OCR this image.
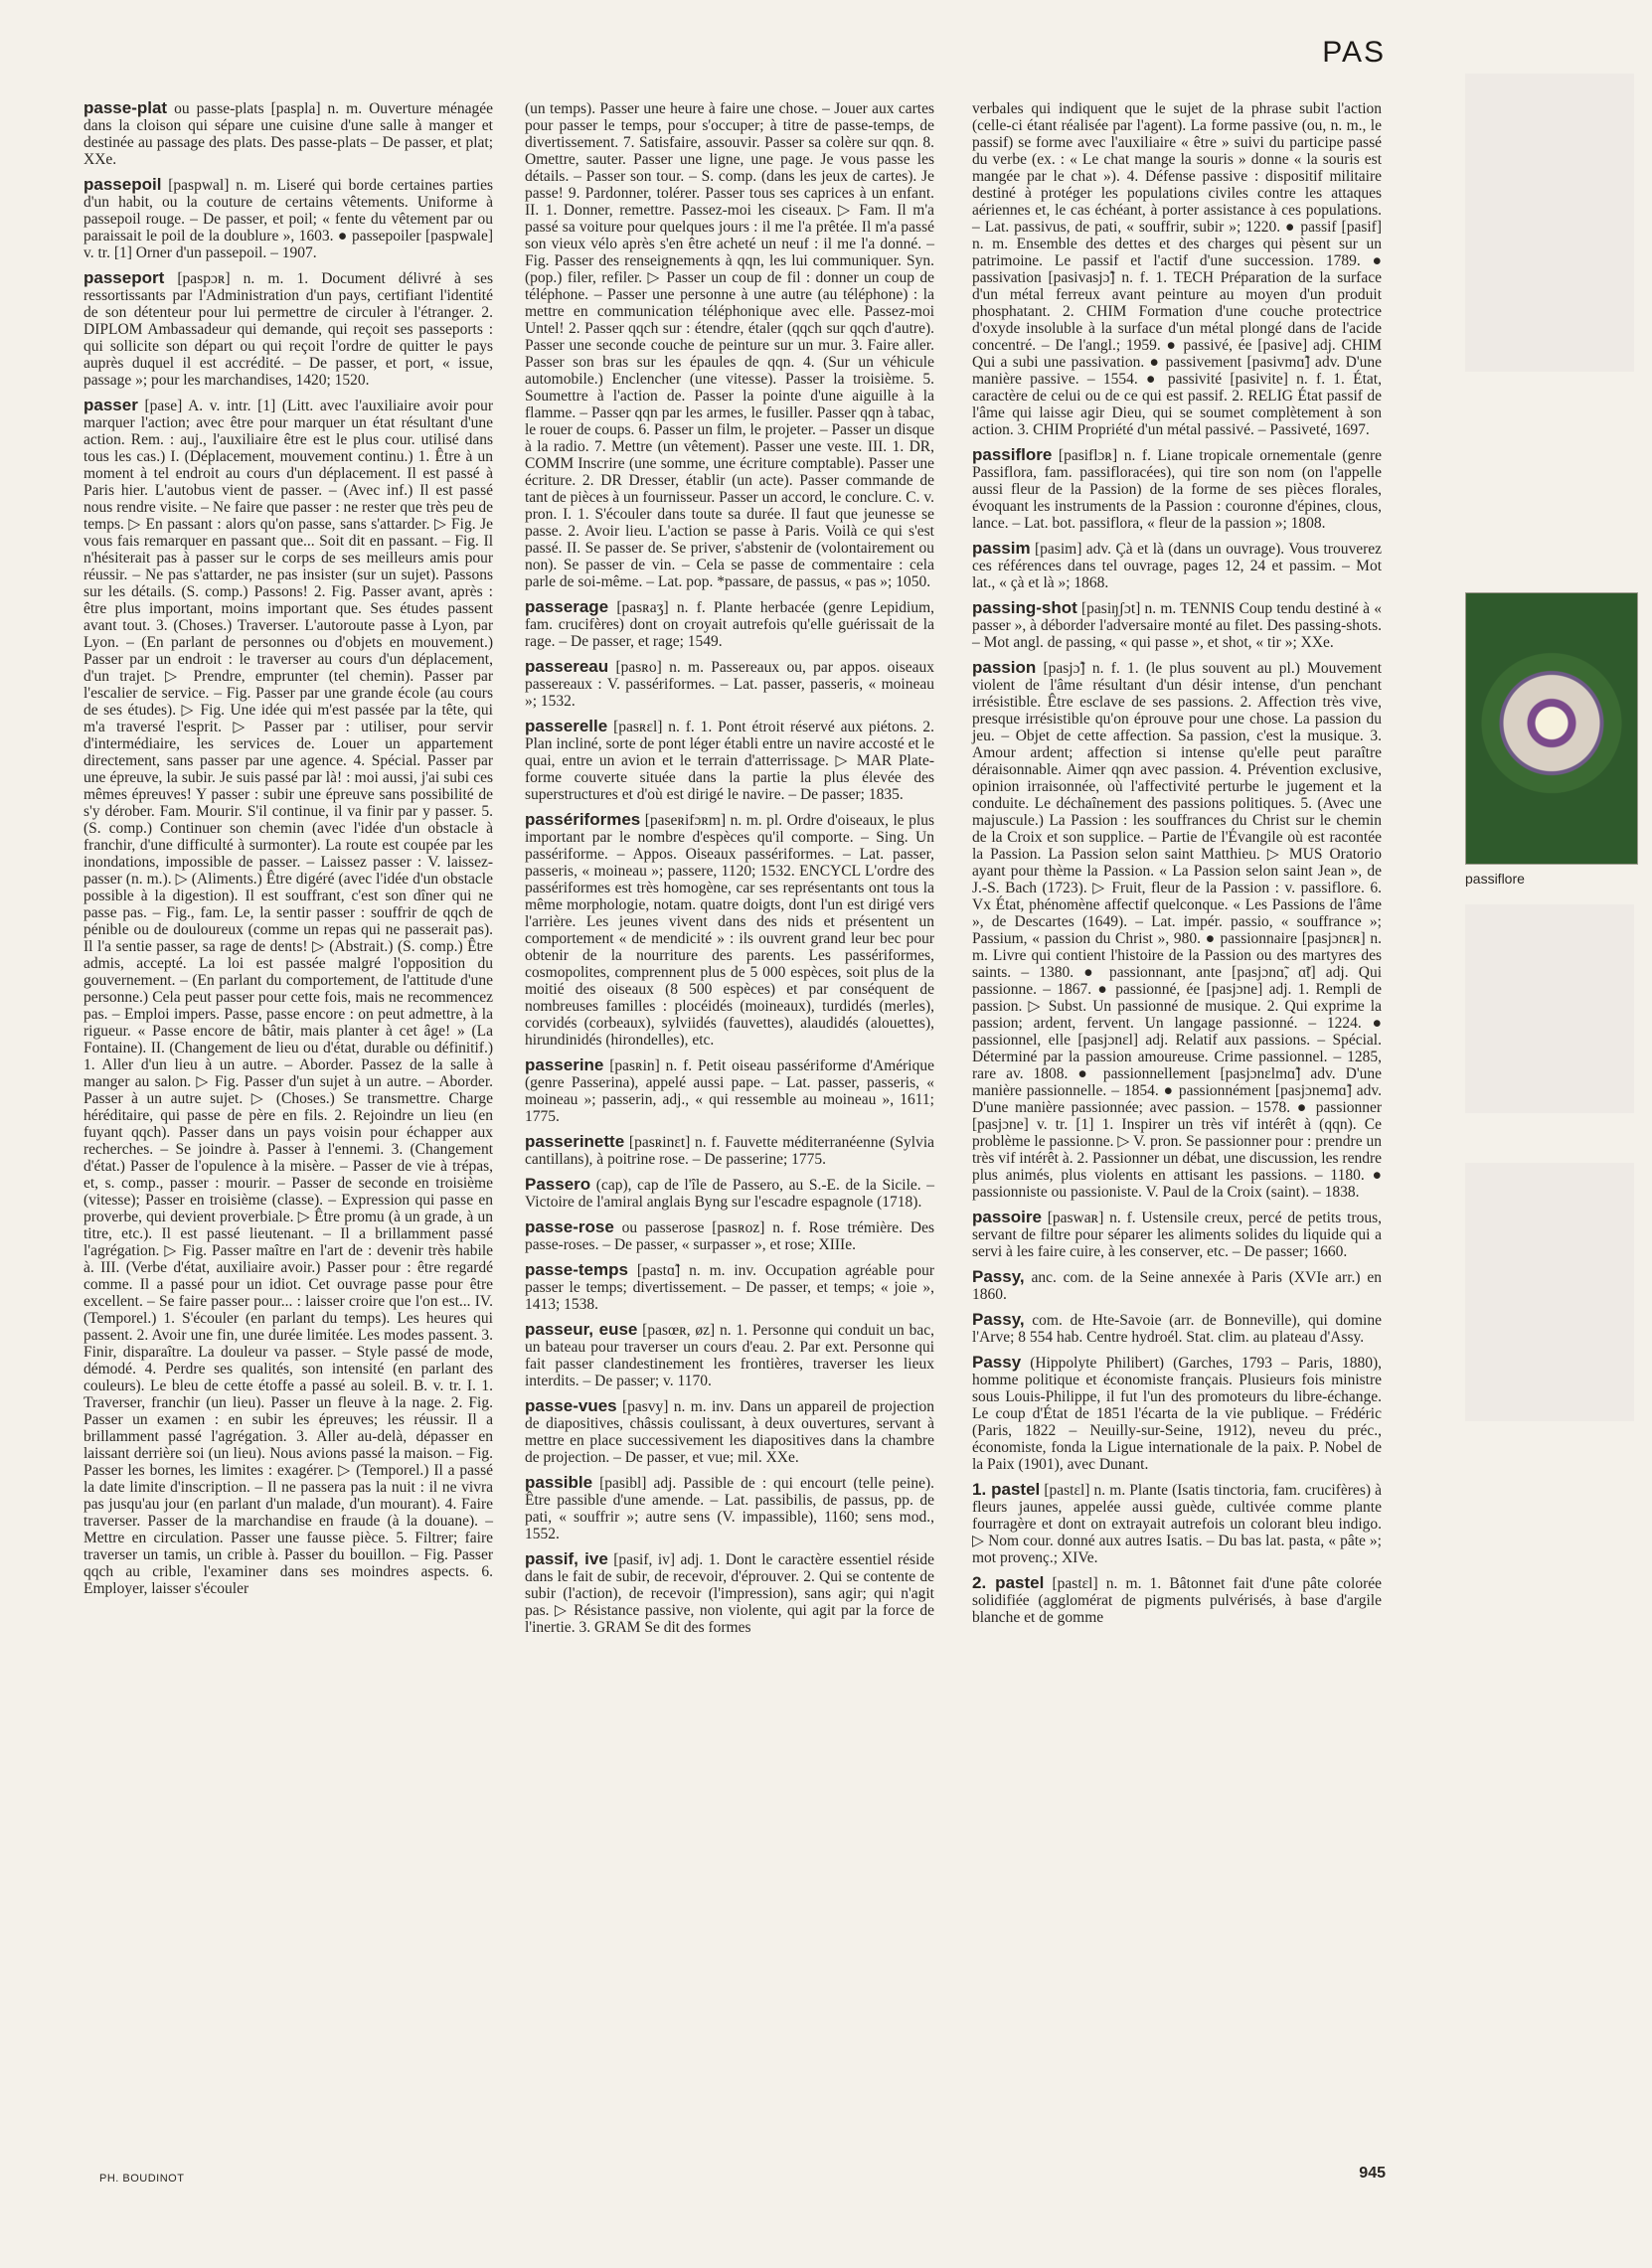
PAS

passe-plat ou passe-plats [paspla] n. m. Ouverture ménagée dans la cloison qui sépare une cuisine d'une salle à manger et destinée au passage des plats. Des passe-plats – De passer, et plat; XXe.

passepoil [paspwal] n. m. Liseré qui borde certaines parties d'un habit, ou la couture de certains vêtements. Uniforme à passepoil rouge. – De passer, et poil; « fente du vêtement par ou paraissait le poil de la doublure », 1603. ● passepoiler [paspwale] v. tr. [1] Orner d'un passepoil. – 1907.

passeport [paspɔʀ] n. m. 1. Document délivré à ses ressortissants par l'Administration d'un pays, certifiant l'identité de son détenteur pour lui permettre de circuler à l'étranger. 2. DIPLOM Ambassadeur qui demande, qui reçoit ses passeports : qui sollicite son départ ou qui reçoit l'ordre de quitter le pays auprès duquel il est accrédité. – De passer, et port, « issue, passage »; pour les marchandises, 1420; 1520.

passer [pase] A. v. intr. [1] (Litt. avec l'auxiliaire avoir pour marquer l'action; avec être pour marquer un état résultant d'une action. Rem. : auj., l'auxiliaire être est le plus cour. utilisé dans tous les cas.) I. (Déplacement, mouvement continu.) 1. Être à un moment à tel endroit au cours d'un déplacement. Il est passé à Paris hier. L'autobus vient de passer. – (Avec inf.) Il est passé nous rendre visite. – Ne faire que passer : ne rester que très peu de temps. ▷ En passant : alors qu'on passe, sans s'attarder. ▷ Fig. Je vous fais remarquer en passant que... Soit dit en passant. – Fig. Il n'hésiterait pas à passer sur le corps de ses meilleurs amis pour réussir. – Ne pas s'attarder, ne pas insister (sur un sujet). Passons sur les détails. (S. comp.) Passons! 2. Fig. Passer avant, après : être plus important, moins important que. Ses études passent avant tout. 3. (Choses.) Traverser. L'autoroute passe à Lyon, par Lyon. – (En parlant de personnes ou d'objets en mouvement.) Passer par un endroit : le traverser au cours d'un déplacement, d'un trajet. ▷ Prendre, emprunter (tel chemin). Passer par l'escalier de service. – Fig. Passer par une grande école (au cours de ses études). ▷ Fig. Une idée qui m'est passée par la tête, qui m'a traversé l'esprit. ▷ Passer par : utiliser, pour servir d'intermédiaire, les services de. Louer un appartement directement, sans passer par une agence. 4. Spécial. Passer par une épreuve, la subir. Je suis passé par là! : moi aussi, j'ai subi ces mêmes épreuves! Y passer : subir une épreuve sans possibilité de s'y dérober. Fam. Mourir. S'il continue, il va finir par y passer. 5. (S. comp.) Continuer son chemin (avec l'idée d'un obstacle à franchir, d'une difficulté à surmonter). La route est coupée par les inondations, impossible de passer. – Laissez passer : V. laissez-passer (n. m.). ▷ (Aliments.) Être digéré (avec l'idée d'un obstacle possible à la digestion). Il est souffrant, c'est son dîner qui ne passe pas. – Fig., fam. Le, la sentir passer : souffrir de qqch de pénible ou de douloureux (comme un repas qui ne passerait pas). Il l'a sentie passer, sa rage de dents! ▷ (Abstrait.) (S. comp.) Être admis, accepté. La loi est passée malgré l'opposition du gouvernement. – (En parlant du comportement, de l'attitude d'une personne.) Cela peut passer pour cette fois, mais ne recommencez pas. – Emploi impers. Passe, passe encore : on peut admettre, à la rigueur. « Passe encore de bâtir, mais planter à cet âge! » (La Fontaine). II. (Changement de lieu ou d'état, durable ou définitif.) 1. Aller d'un lieu à un autre. – Aborder. Passez de la salle à manger au salon. ▷ Fig. Passer d'un sujet à un autre. – Aborder. Passer à un autre sujet. ▷ (Choses.) Se transmettre. Charge héréditaire, qui passe de père en fils. 2. Rejoindre un lieu (en fuyant qqch). Passer dans un pays voisin pour échapper aux recherches. – Se joindre à. Passer à l'ennemi. 3. (Changement d'état.) Passer de l'opulence à la misère. – Passer de vie à trépas, et, s. comp., passer : mourir. – Passer de seconde en troisième (vitesse); Passer en troisième (classe). – Expression qui passe en proverbe, qui devient proverbiale. ▷ Être promu (à un grade, à un titre, etc.). Il est passé lieutenant. – Il a brillamment passé l'agrégation. ▷ Fig. Passer maître en l'art de : devenir très habile à. III. (Verbe d'état, auxiliaire avoir.) Passer pour : être regardé comme. Il a passé pour un idiot. Cet ouvrage passe pour être excellent. – Se faire passer pour... : laisser croire que l'on est... IV. (Temporel.) 1. S'écouler (en parlant du temps). Les heures qui passent. 2. Avoir une fin, une durée limitée. Les modes passent. 3. Finir, disparaître. La douleur va passer. – Style passé de mode, démodé. 4. Perdre ses qualités, son intensité (en parlant des couleurs). Le bleu de cette étoffe a passé au soleil. B. v. tr. I. 1. Traverser, franchir (un lieu). Passer un fleuve à la nage. 2. Fig. Passer un examen : en subir les épreuves; les réussir. Il a brillamment passé l'agrégation. 3. Aller au-delà, dépasser en laissant derrière soi (un lieu). Nous avions passé la maison. – Fig. Passer les bornes, les limites : exagérer. ▷ (Temporel.) Il a passé la date limite d'inscription. – Il ne passera pas la nuit : il ne vivra pas jusqu'au jour (en parlant d'un malade, d'un mourant). 4. Faire traverser. Passer de la marchandise en fraude (à la douane). – Mettre en circulation. Passer une fausse pièce. 5. Filtrer; faire traverser un tamis, un crible à. Passer du bouillon. – Fig. Passer qqch au crible, l'examiner dans ses moindres aspects. 6. Employer, laisser s'écouler

(un temps). Passer une heure à faire une chose. – Jouer aux cartes pour passer le temps, pour s'occuper; à titre de passe-temps, de divertissement. 7. Satisfaire, assouvir. Passer sa colère sur qqn. 8. Omettre, sauter. Passer une ligne, une page. Je vous passe les détails. – Passer son tour. – S. comp. (dans les jeux de cartes). Je passe! 9. Pardonner, tolérer. Passer tous ses caprices à un enfant. II. 1. Donner, remettre. Passez-moi les ciseaux. ▷ Fam. Il m'a passé sa voiture pour quelques jours : il me l'a prêtée. Il m'a passé son vieux vélo après s'en être acheté un neuf : il me l'a donné. – Fig. Passer des renseignements à qqn, les lui communiquer. Syn. (pop.) filer, refiler. ▷ Passer un coup de fil : donner un coup de téléphone. – Passer une personne à une autre (au téléphone) : la mettre en communication téléphonique avec elle. Passez-moi Untel! 2. Passer qqch sur : étendre, étaler (qqch sur qqch d'autre). Passer une seconde couche de peinture sur un mur. 3. Faire aller. Passer son bras sur les épaules de qqn. 4. (Sur un véhicule automobile.) Enclencher (une vitesse). Passer la troisième. 5. Soumettre à l'action de. Passer la pointe d'une aiguille à la flamme. – Passer qqn par les armes, le fusiller. Passer qqn à tabac, le rouer de coups. 6. Passer un film, le projeter. – Passer un disque à la radio. 7. Mettre (un vêtement). Passer une veste. III. 1. DR, COMM Inscrire (une somme, une écriture comptable). Passer une écriture. 2. DR Dresser, établir (un acte). Passer commande de tant de pièces à un fournisseur. Passer un accord, le conclure. C. v. pron. I. 1. S'écouler dans toute sa durée. Il faut que jeunesse se passe. 2. Avoir lieu. L'action se passe à Paris. Voilà ce qui s'est passé. II. Se passer de. Se priver, s'abstenir de (volontairement ou non). Se passer de vin. – Cela se passe de commentaire : cela parle de soi-même. – Lat. pop. *passare, de passus, « pas »; 1050.

passerage [pasʀaʒ] n. f. Plante herbacée (genre Lepidium, fam. crucifères) dont on croyait autrefois qu'elle guérissait de la rage. – De passer, et rage; 1549.

passereau [pasʀo] n. m. Passereaux ou, par appos. oiseaux passereaux : V. passériformes. – Lat. passer, passeris, « moineau »; 1532.

passerelle [pasʀɛl] n. f. 1. Pont étroit réservé aux piétons. 2. Plan incliné, sorte de pont léger établi entre un navire accosté et le quai, entre un avion et le terrain d'atterrissage. ▷ MAR Plate-forme couverte située dans la partie la plus élevée des superstructures et d'où est dirigé le navire. – De passer; 1835.

passériformes [paseʀifɔʀm] n. m. pl. Ordre d'oiseaux, le plus important par le nombre d'espèces qu'il comporte. – Sing. Un passériforme. – Appos. Oiseaux passériformes. – Lat. passer, passeris, « moineau »; passere, 1120; 1532. ENCYCL L'ordre des passériformes est très homogène, car ses représentants ont tous la même morphologie, notam. quatre doigts, dont l'un est dirigé vers l'arrière. Les jeunes vivent dans des nids et présentent un comportement « de mendicité » : ils ouvrent grand leur bec pour obtenir de la nourriture des parents. Les passériformes, cosmopolites, comprennent plus de 5 000 espèces, soit plus de la moitié des oiseaux (8 500 espèces) et par conséquent de nombreuses familles : plocéidés (moineaux), turdidés (merles), corvidés (corbeaux), sylviidés (fauvettes), alaudidés (alouettes), hirundinidés (hirondelles), etc.

passerine [pasʀin] n. f. Petit oiseau passériforme d'Amérique (genre Passerina), appelé aussi pape. – Lat. passer, passeris, « moineau »; passerin, adj., « qui ressemble au moineau », 1611; 1775.

passerinette [pasʀinɛt] n. f. Fauvette méditerranéenne (Sylvia cantillans), à poitrine rose. – De passerine; 1775.

Passero (cap), cap de l'île de Passero, au S.-E. de la Sicile. – Victoire de l'amiral anglais Byng sur l'escadre espagnole (1718).

passe-rose ou passerose [pasʀoz] n. f. Rose trémière. Des passe-roses. – De passer, « surpasser », et rose; XIIIe.

passe-temps [pastɑ̃] n. m. inv. Occupation agréable pour passer le temps; divertissement. – De passer, et temps; « joie », 1413; 1538.

passeur, euse [pasœʀ, øz] n. 1. Personne qui conduit un bac, un bateau pour traverser un cours d'eau. 2. Par ext. Personne qui fait passer clandestinement les frontières, traverser les lieux interdits. – De passer; v. 1170.

passe-vues [pasvy] n. m. inv. Dans un appareil de projection de diapositives, châssis coulissant, à deux ouvertures, servant à mettre en place successivement les diapositives dans la chambre de projection. – De passer, et vue; mil. XXe.

passible [pasibl] adj. Passible de : qui encourt (telle peine). Être passible d'une amende. – Lat. passibilis, de passus, pp. de pati, « souffrir »; autre sens (V. impassible), 1160; sens mod., 1552.

passif, ive [pasif, iv] adj. 1. Dont le caractère essentiel réside dans le fait de subir, de recevoir, d'éprouver. 2. Qui se contente de subir (l'action), de recevoir (l'impression), sans agir; qui n'agit pas. ▷ Résistance passive, non violente, qui agit par la force de l'inertie. 3. GRAM Se dit des formes

verbales qui indiquent que le sujet de la phrase subit l'action (celle-ci étant réalisée par l'agent). La forme passive (ou, n. m., le passif) se forme avec l'auxiliaire « être » suivi du participe passé du verbe (ex. : « Le chat mange la souris » donne « la souris est mangée par le chat »). 4. Défense passive : dispositif militaire destiné à protéger les populations civiles contre les attaques aériennes et, le cas échéant, à porter assistance à ces populations. – Lat. passivus, de pati, « souffrir, subir »; 1220. ● passif [pasif] n. m. Ensemble des dettes et des charges qui pèsent sur un patrimoine. Le passif et l'actif d'une succession. 1789. ● passivation [pasivasjɔ̃] n. f. 1. TECH Préparation de la surface d'un métal ferreux avant peinture au moyen d'un produit phosphatant. 2. CHIM Formation d'une couche protectrice d'oxyde insoluble à la surface d'un métal plongé dans de l'acide concentré. – De l'angl.; 1959. ● passivé, ée [pasive] adj. CHIM Qui a subi une passivation. ● passivement [pasivmɑ̃] adv. D'une manière passive. – 1554. ● passivité [pasivite] n. f. 1. État, caractère de celui ou de ce qui est passif. 2. RELIG État passif de l'âme qui laisse agir Dieu, qui se soumet complètement à son action. 3. CHIM Propriété d'un métal passivé. – Passiveté, 1697.

passiflore [pasiflɔʀ] n. f. Liane tropicale ornementale (genre Passiflora, fam. passifloracées), qui tire son nom (on l'appelle aussi fleur de la Passion) de la forme de ses pièces florales, évoquant les instruments de la Passion : couronne d'épines, clous, lance. – Lat. bot. passiflora, « fleur de la passion »; 1808.

passim [pasim] adv. Çà et là (dans un ouvrage). Vous trouverez ces références dans tel ouvrage, pages 12, 24 et passim. – Mot lat., « çà et là »; 1868.

passing-shot [pasiŋʃɔt] n. m. TENNIS Coup tendu destiné à « passer », à déborder l'adversaire monté au filet. Des passing-shots. – Mot angl. de passing, « qui passe », et shot, « tir »; XXe.

passion [pasjɔ̃] n. f. 1. (le plus souvent au pl.) Mouvement violent de l'âme résultant d'un désir intense, d'un penchant irrésistible. Être esclave de ses passions. 2. Affection très vive, presque irrésistible qu'on éprouve pour une chose. La passion du jeu. – Objet de cette affection. Sa passion, c'est la musique. 3. Amour ardent; affection si intense qu'elle peut paraître déraisonnable. Aimer qqn avec passion. 4. Prévention exclusive, opinion irraisonnée, où l'affectivité perturbe le jugement et la conduite. Le déchaînement des passions politiques. 5. (Avec une majuscule.) La Passion : les souffrances du Christ sur le chemin de la Croix et son supplice. – Partie de l'Évangile où est racontée la Passion. La Passion selon saint Matthieu. ▷ MUS Oratorio ayant pour thème la Passion. « La Passion selon saint Jean », de J.-S. Bach (1723). ▷ Fruit, fleur de la Passion : v. passiflore. 6. Vx État, phénomène affectif quelconque. « Les Passions de l'âme », de Descartes (1649). – Lat. impér. passio, « souffrance »; Passium, « passion du Christ », 980. ● passionnaire [pasjɔnɛʀ] n. m. Livre qui contient l'histoire de la Passion ou des martyres des saints. – 1380. ● passionnant, ante [pasjɔnɑ̃, ɑ̃t] adj. Qui passionne. – 1867. ● passionné, ée [pasjɔne] adj. 1. Rempli de passion. ▷ Subst. Un passionné de musique. 2. Qui exprime la passion; ardent, fervent. Un langage passionné. – 1224. ● passionnel, elle [pasjɔnɛl] adj. Relatif aux passions. – Spécial. Déterminé par la passion amoureuse. Crime passionnel. – 1285, rare av. 1808. ● passionnellement [pasjɔnɛlmɑ̃] adv. D'une manière passionnelle. – 1854. ● passionnément [pasjɔnemɑ̃] adv. D'une manière passionnée; avec passion. – 1578. ● passionner [pasjɔne] v. tr. [1] 1. Inspirer un très vif intérêt à (qqn). Ce problème le passionne. ▷ V. pron. Se passionner pour : prendre un très vif intérêt à. 2. Passionner un débat, une discussion, les rendre plus animés, plus violents en attisant les passions. – 1180. ● passionniste ou passioniste. V. Paul de la Croix (saint). – 1838.

passoire [paswaʀ] n. f. Ustensile creux, percé de petits trous, servant de filtre pour séparer les aliments solides du liquide qui a servi à les faire cuire, à les conserver, etc. – De passer; 1660.

Passy, anc. com. de la Seine annexée à Paris (XVIe arr.) en 1860.

Passy, com. de Hte-Savoie (arr. de Bonneville), qui domine l'Arve; 8 554 hab. Centre hydroél. Stat. clim. au plateau d'Assy.

Passy (Hippolyte Philibert) (Garches, 1793 – Paris, 1880), homme politique et économiste français. Plusieurs fois ministre sous Louis-Philippe, il fut l'un des promoteurs du libre-échange. Le coup d'État de 1851 l'écarta de la vie publique. – Frédéric (Paris, 1822 – Neuilly-sur-Seine, 1912), neveu du préc., économiste, fonda la Ligue internationale de la paix. P. Nobel de la Paix (1901), avec Dunant.

1. pastel [pastɛl] n. m. Plante (Isatis tinctoria, fam. crucifères) à fleurs jaunes, appelée aussi guède, cultivée comme plante fourragère et dont on extrayait autrefois un colorant bleu indigo. ▷ Nom cour. donné aux autres Isatis. – Du bas lat. pasta, « pâte »; mot provenç.; XIVe.

2. pastel [pastɛl] n. m. 1. Bâtonnet fait d'une pâte colorée solidifiée (agglomérat de pigments pulvérisés, à base d'argile blanche et de gomme

passiflore
PH. BOUDINOT	945
